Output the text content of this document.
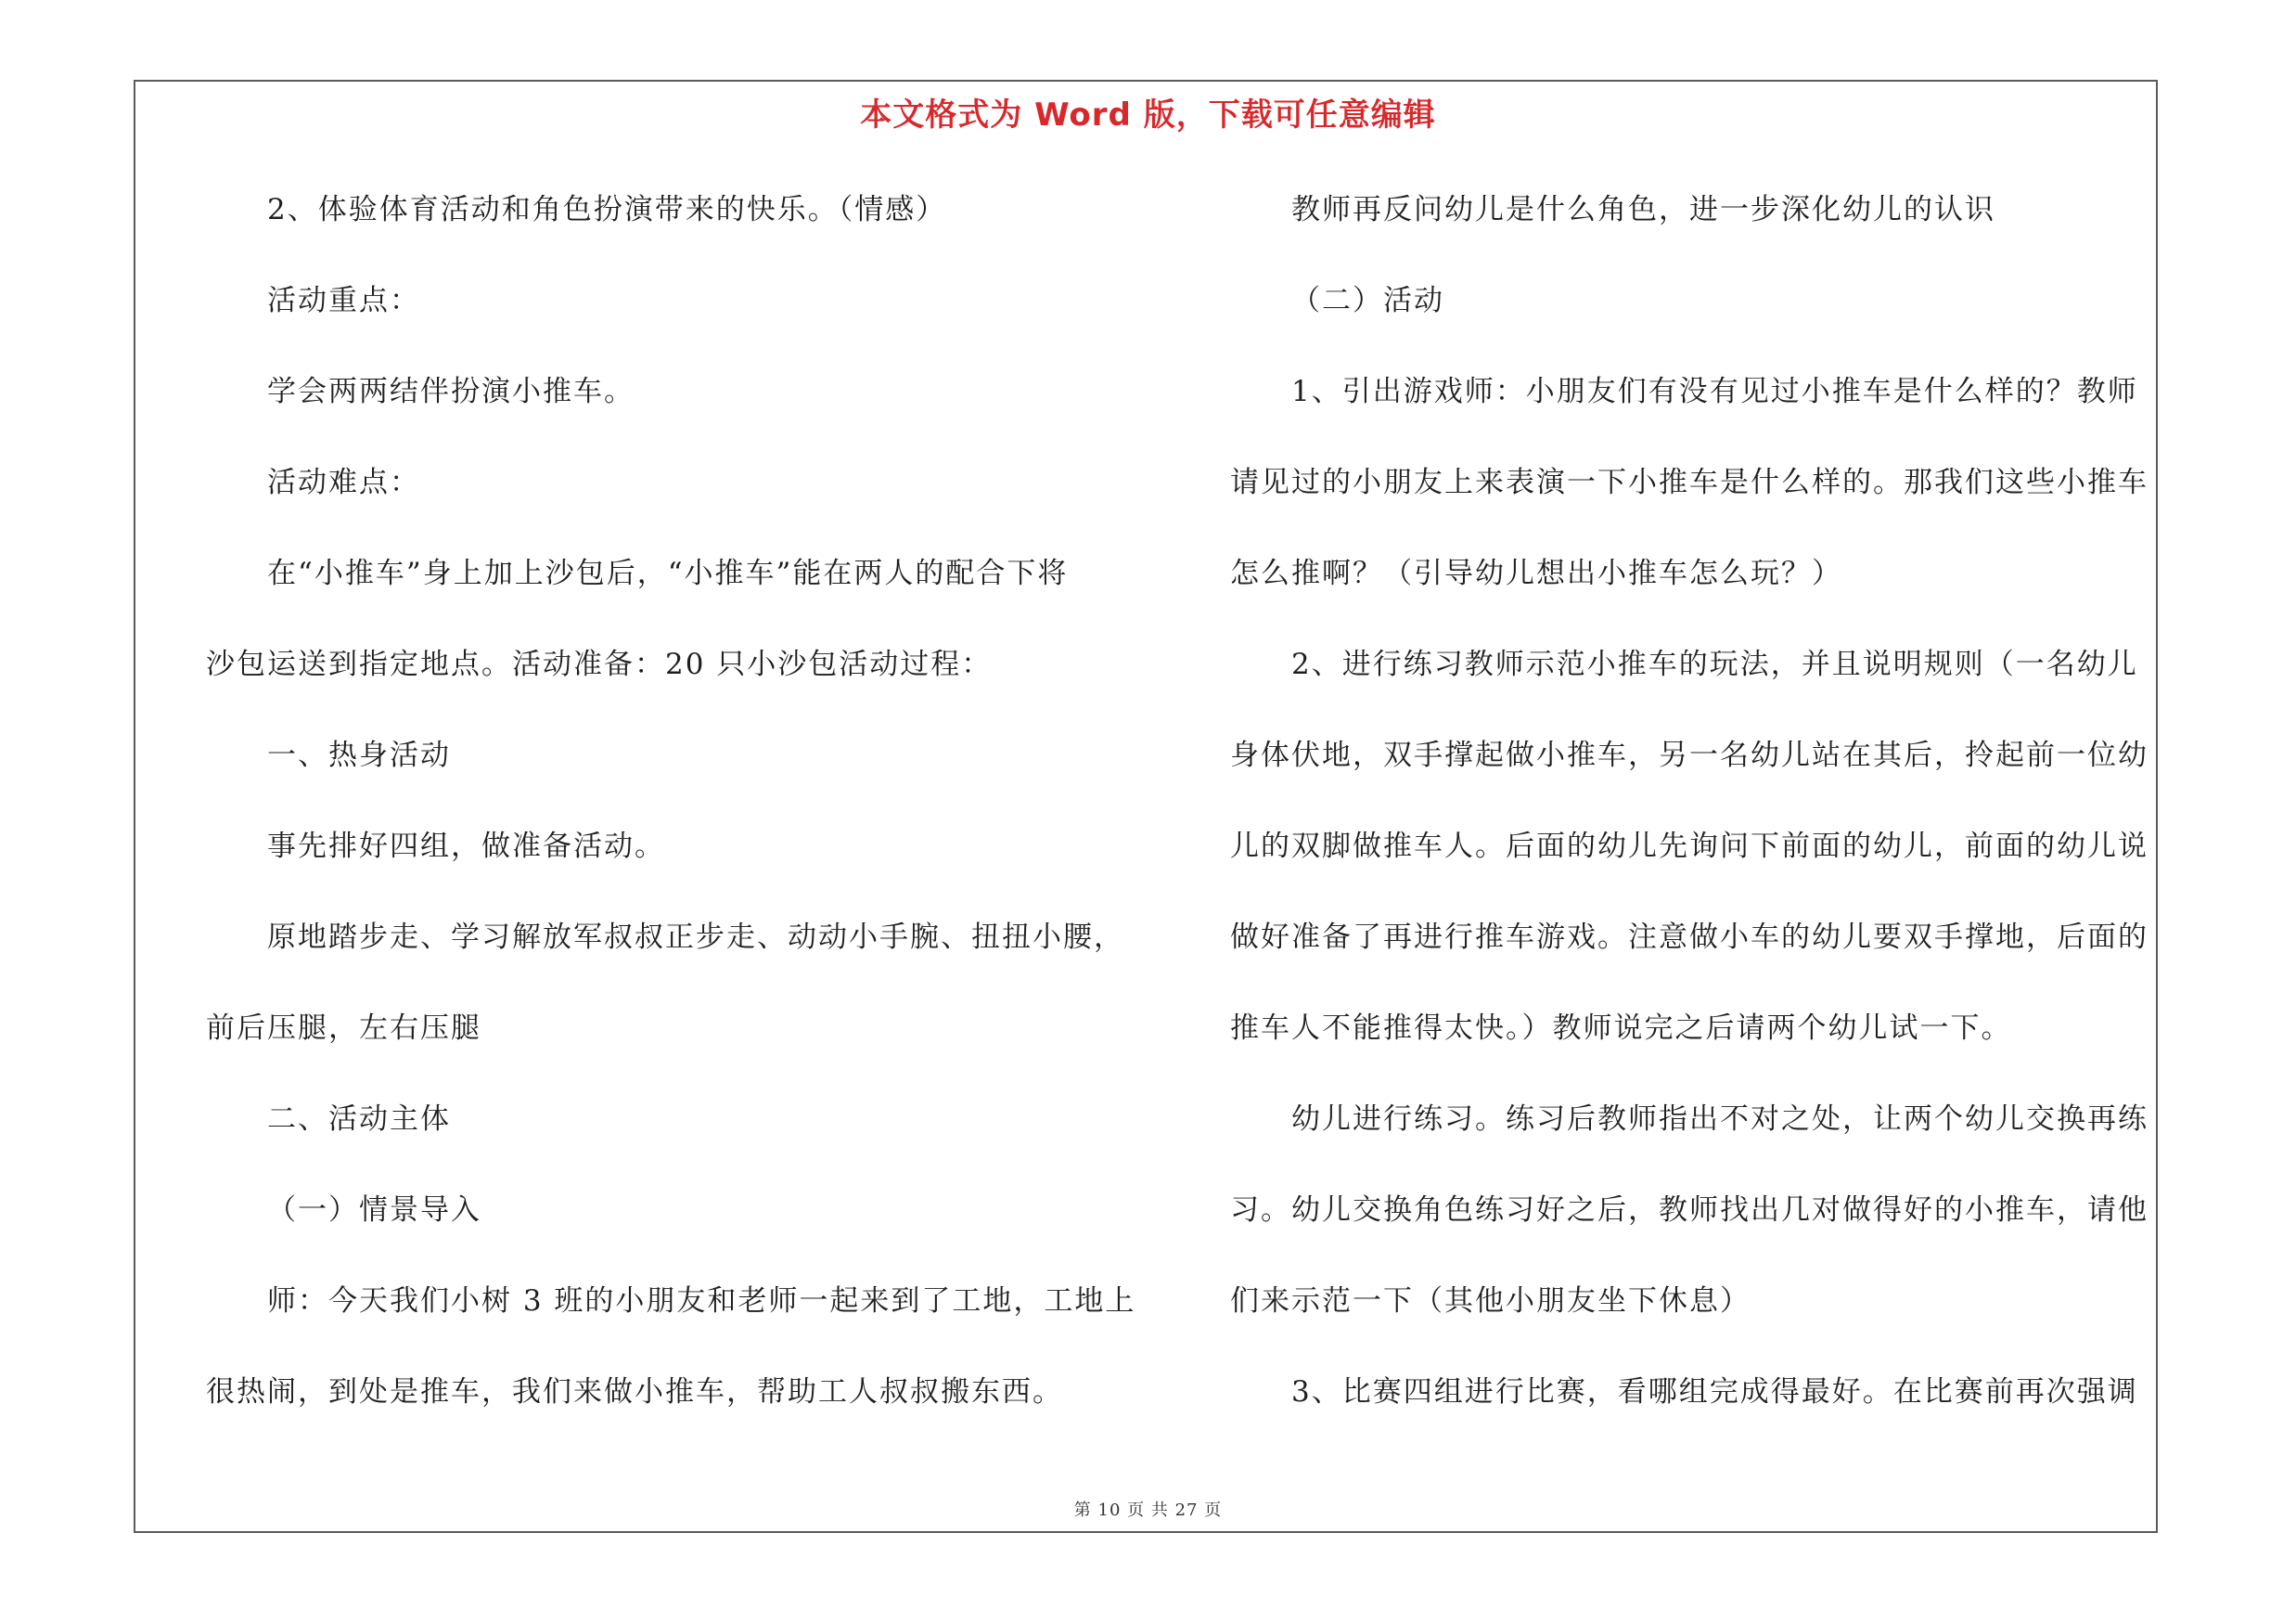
本文格式为 Word 版，下载可任意编辑
2、体验体育活动和角色扮演带来的快乐。（情感）
活动重点：
学会两两结伴扮演小推车。
活动难点：
在“小推车”身上加上沙包后，“小推车”能在两人的配合下将
沙包运送到指定地点。活动准备：20 只小沙包活动过程：
一、热身活动
事先排好四组，做准备活动。
原地踏步走、学习解放军叔叔正步走、动动小手腕、扭扭小腰，
前后压腿，左右压腿
二、活动主体
（一）情景导入
师：今天我们小树 3 班的小朋友和老师一起来到了工地，工地上
很热闹，到处是推车，我们来做小推车，帮助工人叔叔搬东西。
教师再反问幼儿是什么角色，进一步深化幼儿的认识
（二）活动
1、引出游戏师：小朋友们有没有见过小推车是什么样的？教师
请见过的小朋友上来表演一下小推车是什么样的。那我们这些小推车
怎么推啊？（引导幼儿想出小推车怎么玩？）
2、进行练习教师示范小推车的玩法，并且说明规则（一名幼儿
身体伏地，双手撑起做小推车，另一名幼儿站在其后，拎起前一位幼
儿的双脚做推车人。后面的幼儿先询问下前面的幼儿，前面的幼儿说
做好准备了再进行推车游戏。注意做小车的幼儿要双手撑地，后面的
推车人不能推得太快。）教师说完之后请两个幼儿试一下。
幼儿进行练习。练习后教师指出不对之处，让两个幼儿交换再练
习。幼儿交换角色练习好之后，教师找出几对做得好的小推车，请他
们来示范一下（其他小朋友坐下休息）
3、比赛四组进行比赛，看哪组完成得最好。在比赛前再次强调
第 10 页 共 27 页
